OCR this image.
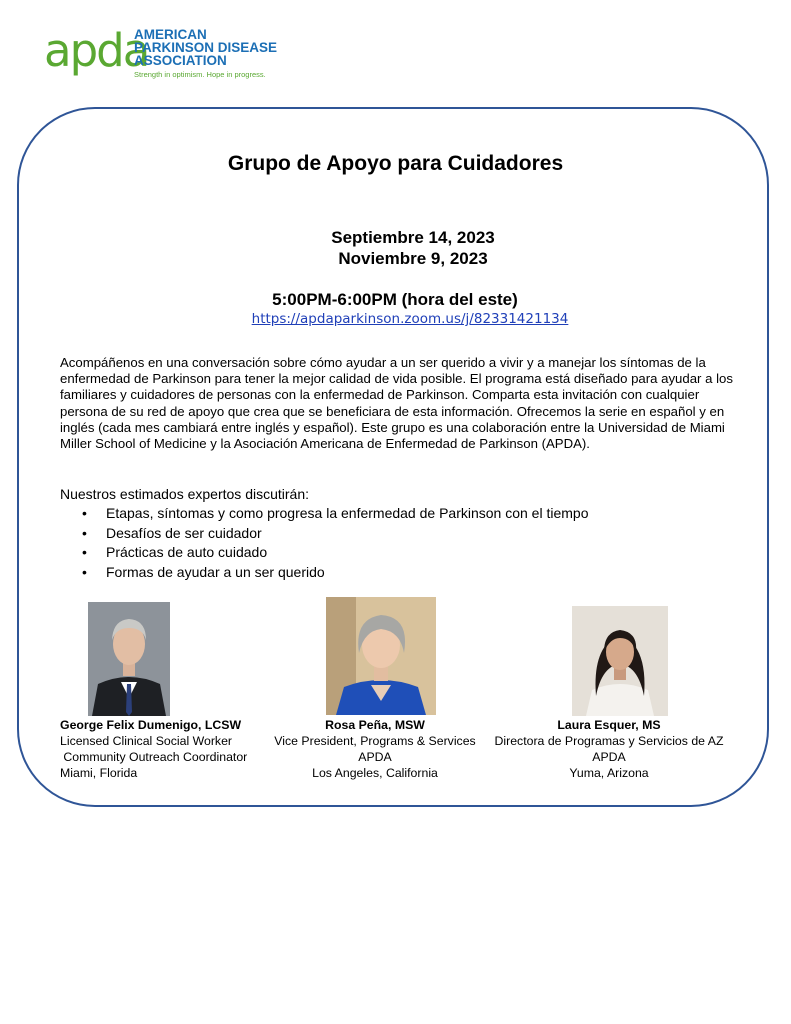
apda
AMERICAN
PARKINSON DISEASE
ASSOCIATION
Strength in optimism. Hope in progress.
Grupo de Apoyo para Cuidadores
Septiembre 14, 2023
Noviembre 9, 2023
5:00PM-6:00PM (hora del este)
https://apdaparkinson.zoom.us/j/82331421134
Acompáñenos en una conversación sobre cómo ayudar a un ser querido a vivir y a manejar los síntomas de la enfermedad de Parkinson para tener la mejor calidad de vida posible. El programa está diseñado para ayudar a los familiares y cuidadores de personas con la enfermedad de Parkinson. Comparta esta invitación con cualquier persona de su red de apoyo que crea que se beneficiara de esta información. Ofrecemos la serie en español y en inglés (cada mes cambiará entre inglés y español). Este grupo es una colaboración entre la Universidad de Miami Miller School of Medicine y la Asociación Americana de Enfermedad de Parkinson (APDA).
Nuestros estimados expertos discutirán:
• Etapas, síntomas y como progresa la enfermedad de Parkinson con el tiempo
• Desafíos de ser cuidador
• Prácticas de auto cuidado
• Formas de ayudar a un ser querido
George Felix Dumenigo, LCSW
Licensed Clinical Social Worker
Community Outreach Coordinator
Miami, Florida
Rosa Peña, MSW
Vice President, Programs & Services
APDA
Los Angeles, California
Laura Esquer, MS
Directora de Programas y Servicios de AZ
APDA
Yuma, Arizona
